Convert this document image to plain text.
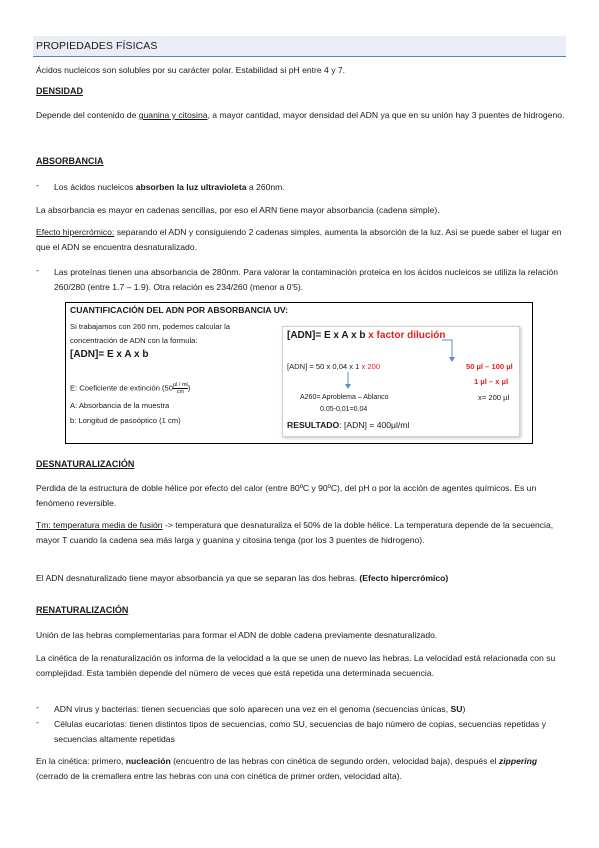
PROPIEDADES FÍSICAS
Ácidos nucleicos son solubles por su carácter polar. Estabilidad si pH entre 4 y 7.
DENSIDAD
Depende del contenido de guanina y citosina, a mayor cantidad, mayor densidad del ADN ya que en su unión hay 3 puentes de hidrogeno.
ABSORBANCIA
- Los ácidos nucleicos absorben la luz ultravioleta a 260nm.
La absorbancia es mayor en cadenas sencillas, por eso el ARN tiene mayor absorbancia (cadena simple).
Efecto hipercrómico: separando el ADN y consiguiendo 2 cadenas simples, aumenta la absorción de la luz. Asi se puede saber el lugar en que el ADN se encuentra desnaturalizado.
- Las proteínas tienen una absorbancia de 280nm. Para valorar la contaminación proteica en los ácidos nucleicos se utiliza la relación 260/280 (entre 1.7 – 1.9). Otra relación es 234/260 (menor a 0'5).
CUANTIFICACIÓN DEL ADN POR ABSORBANCIA UV:
Si trabajamos con 260 nm, podemos calcular la concentración de ADN con la formula:
[ADN]= E x A x b
E: Coeficiente de extinción (50 µl / ml
cm )
A: Absorbancia de la muestra
b: Longitud de pasoóptico (1 cm)
[ADN]= E x A x b x factor dilución
[ADN] = 50 x 0,04 x 1 x 200
A260= Aproblema – Ablanco
0.05-0,01=0.04
50 µl – 100 µl
1 µl – x µl
x= 200 µl
RESULTADO: [ADN] = 400µl/ml
DESNATURALIZACIÓN
Perdida de la estructura de doble hélice por efecto del calor (entre 80ºC y 90ºC), del pH o por la acción de agentes químicos. Es un fenómeno reversible.
Tm: temperatura media de fusión -> temperatura que desnaturaliza el 50% de la doble hélice. La temperatura depende de la secuencia, mayor T cuando la cadena sea más larga y guanina y citosina tenga (por los 3 puentes de hidrogeno).
El ADN desnaturalizado tiene mayor absorbancia ya que se separan las dos hebras. (Efecto hipercrómico)
RENATURALIZACIÓN
Unión de las hebras complementarias para formar el ADN de doble cadena previamente desnaturalizado.
La cinética de la renaturalización os informa de la velocidad a la que se unen de nuevo las hebras. La velocidad está relacionada con su complejidad. Esta también depende del número de veces que está repetida una determinada secuencia.
- ADN virus y bacterias: tienen secuencias que solo aparecen una vez en el genoma (secuencias únicas, SU)
- Células eucariotas: tienen distintos tipos de secuencias, como SU, secuencias de bajo número de copias, secuencias repetidas y secuencias altamente repetidas
En la cinética: primero, nucleación (encuentro de las hebras con cinética de segundo orden, velocidad baja), después el zippering (cerrado de la cremallera entre las hebras con una con cinética de primer orden, velocidad alta).
